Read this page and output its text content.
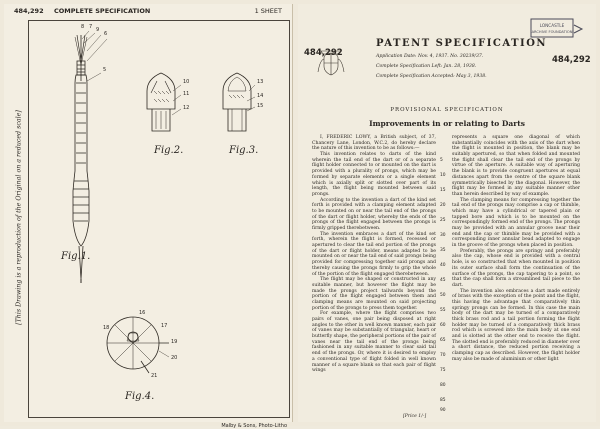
484,292 COMPLETE SPECIFICATION	1 SHEET
[This Drawing is a reproduction of the Original on a reduced scale]
8 7 9
6
5
10
11
12
13
14
15
16
17
18
19
20
21
Fig.1.
Fig.2.	Fig.3.
Fig.4.
Malby & Sons, Photo-Litho
484,292
484,292
PATENT SPECIFICATION
Application Date: Nov. 4, 1937. No. 30239/37.
Complete Specification Left: Jan. 28, 1938.
Complete Specification Accepted: May 3, 1938.
LONCASTLE
ARCHIVE FOUNDATION
PROVISIONAL SPECIFICATION
Improvements in or relating to Darts

I, FREDERIC LOWY, a British subject, of 37, Chancery Lane, London, W.C.2, do hereby declare the nature of this invention to be as follows:—

This invention relates to darts of the kind wherein the tail end of the dart or of a separate flight holder connected to or mounted on the dart is provided with a plurality of prongs, which may be formed by separate elements or a single element which is axially split or slotted over part of its length, the flight being mounted between said prongs.

According to the invention a dart of the kind set forth is provided with a clamping element adapted to be mounted on or near the tail end of the prongs of the dart or flight holder, whereby the ends of the prongs of the flight engaged between the prongs is firmly gripped therebetween.

The invention embraces a dart of the kind set forth, wherein the flight is formed, recessed or apertured to clear the tail end portion of the prongs of the dart or flight holder, means adapted to be mounted on or near the tail end of said prongs being provided for compressing together said prongs and thereby causing the prongs firmly to grip the whole of the portion of the flight engaged therebetween.

The flight may be shaped or constructed in any suitable manner, but however the flight may be made the prongs project tailwards beyond the portion of the flight engaged between them and clamping means are mounted on said projecting portion of the prongs to press them together.

For example, where the flight comprises two pairs of vanes, one pair being disposed at right angles to the other in well known manner, each pair of vanes may be substantially of triangular, heart or butterfly shape, the peripheral portions of the pair of vanes near the tail end of the prongs being fashioned in any suitable manner to clear said tail end of the prongs. Or, where it is desired to employ a conventional type of flight folded in well known manner of a square blank so that each pair of flight wings

5
10
15
20
25
30
35
40
45
50
55
60
65
70
75
80
85
90

represents a square one diagonal of which substantially coincides with the axis of the dart when the flight is mounted in position, the blank may be suitably apertured, so that when folded and mounted the flight shall clear the tail end of the prongs by virtue of the aperture. A suitable way of aperturing the blank is to provide congruent apertures at equal distances apart from the centre of the square blank symmetrically bisected by the diagonal. However, the flight may be formed in any suitable manner other than herein described by way of example.

The clamping means for compressing together the tail end of the prongs may comprise a cap or thimble, which may have a cylindrical or tapered plain or tapped bore and which is to be mounted on the correspondingly formed end of the prongs. The prongs may be provided with an annular groove near their end and the cap or thimble may be provided with a corresponding inner annular bead adapted to engage in the groove of the prongs when placed in position.

Preferably, the prongs are springy and preferably also the cap, whose end is provided with a central hole, is so constructed that when mounted in position its outer surface shall form the continuation of the surface of the prongs, the cap tapering to a point, so that the cap shall form a streamlined tail piece to the dart.

The invention also embraces a dart made entirely of brass with the exception of the point and the flight, this having the advantage that comparatively thin springy prongs can be formed. In this case the main body of the dart may be turned of a comparatively thick brass rod and a tail portion forming the flight holder may be turned of a comparatively thick brass rod which is screwed into the main body at one end and is slotted at the other end to receive the flight. The slotted end is preferably reduced in diameter over a short distance, the reduced portion receiving a clamping cap as described. However, the flight holder may also be made of aluminium or other light

[Price 1/-]
